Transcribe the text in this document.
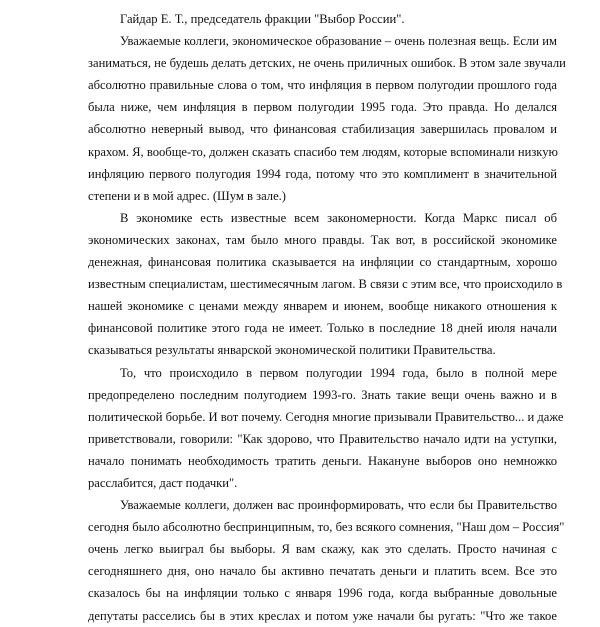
Гайдар Е. Т., председатель фракции "Выбор России".

Уважаемые коллеги, экономическое образование – очень полезная вещь. Если им
заниматься, не будешь делать детских, не очень приличных ошибок. В этом зале звучали
абсолютно правильные слова о том, что инфляция в первом полугодии прошлого года
была ниже, чем инфляция в первом полугодии 1995 года. Это правда. Но делался
абсолютно неверный вывод, что финансовая стабилизация завершилась провалом и
крахом. Я, вообще-то, должен сказать спасибо тем людям, которые вспоминали низкую
инфляцию первого полугодия 1994 года, потому что это комплимент в значительной
степени и в мой адрес. (Шум в зале.)

В экономике есть известные всем закономерности. Когда Маркс писал об
экономических законах, там было много правды. Так вот, в российской экономике
денежная, финансовая политика сказывается на инфляции со стандартным, хорошо
известным специалистам, шестимесячным лагом. В связи с этим все, что происходило в
нашей экономике с ценами между январем и июнем, вообще никакого отношения к
финансовой политике этого года не имеет. Только в последние 18 дней июля начали
сказываться результаты январской экономической политики Правительства.

То, что происходило в первом полугодии 1994 года, было в полной мере
предопределено последним полугодием 1993-го. Знать такие вещи очень важно и в
политической борьбе. И вот почему. Сегодня многие призывали Правительство... и даже
приветствовали, говорили: "Как здорово, что Правительство начало идти на уступки,
начало понимать необходимость тратить деньги. Накануне выборов оно немножко
расслабится, даст подачки".

Уважаемые коллеги, должен вас проинформировать, что если бы Правительство
сегодня было абсолютно беспринципным, то, без всякого сомнения, "Наш дом – Россия"
очень легко выиграл бы выборы. Я вам скажу, как это сделать. Просто начиная с
сегодняшнего дня, оно начало бы активно печатать деньги и платить всем. Все это
сказалось бы на инфляции только с января 1996 года, когда выбранные довольные
депутаты расселись бы в этих креслах и потом уже начали бы ругать: "Что же такое
